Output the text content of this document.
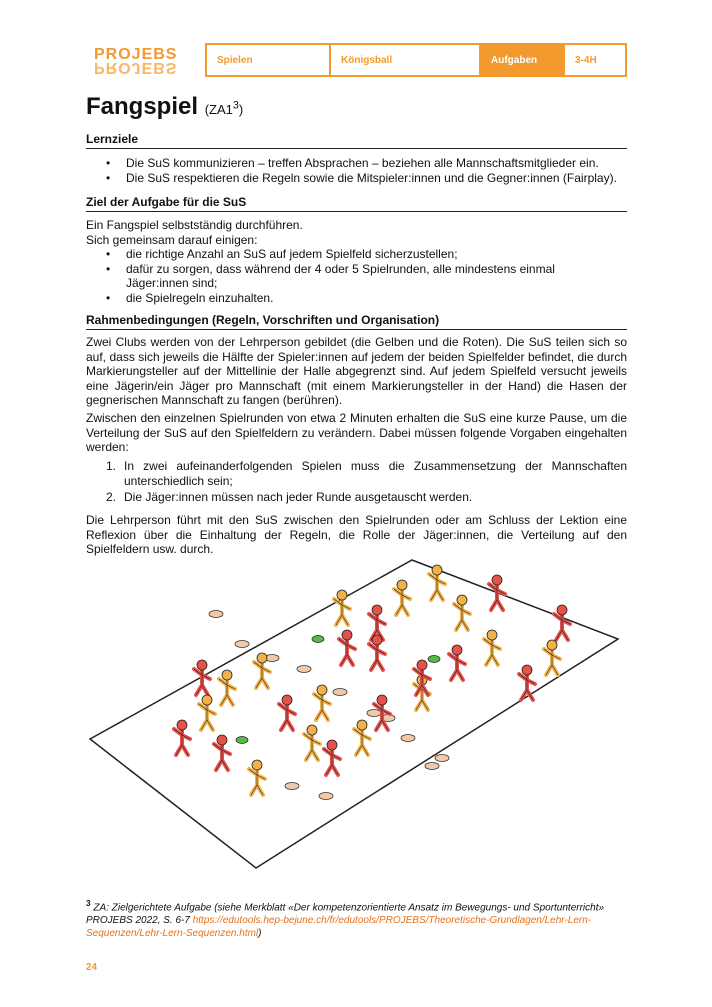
PROJEBS
PROJEBS	Spielen	Königsball	Aufgaben	3-4H
Fangspiel $(ZA1^3)$
Lernziele
• Die SuS kommunizieren – treffen Absprachen – beziehen alle Mannschaftsmitglieder ein.
• Die SuS respektieren die Regeln sowie die Mitspieler:innen und die Gegner:innen (Fairplay).
Ziel der Aufgabe für die SuS
Ein Fangspiel selbstständig durchführen.
Sich gemeinsam darauf einigen:
• die richtige Anzahl an SuS auf jedem Spielfeld sicherzustellen;
• dafür zu sorgen, dass während der 4 oder 5 Spielrunden, alle mindestens einmal Jäger:innen sind;
• die Spielregeln einzuhalten.
Rahmenbedingungen (Regeln, Vorschriften und Organisation)
Zwei Clubs werden von der Lehrperson gebildet (die Gelben und die Roten). Die SuS teilen sich so auf, dass sich jeweils die Hälfte der Spieler:innen auf jedem der beiden Spielfelder befindet, die durch Markierungsteller auf der Mittellinie der Halle abgegrenzt sind. Auf jedem Spielfeld versucht jeweils eine Jägerin/ein Jäger pro Mannschaft (mit einem Markierungsteller in der Hand) die Hasen der gegnerischen Mannschaft zu fangen (berühren).
Zwischen den einzelnen Spielrunden von etwa 2 Minuten erhalten die SuS eine kurze Pause, um die Verteilung der SuS auf den Spielfeldern zu verändern. Dabei müssen folgende Vorgaben eingehalten werden:
1. In zwei aufeinanderfolgenden Spielen muss die Zusammensetzung der Mannschaften unterschiedlich sein;
2. Die Jäger:innen müssen nach jeder Runde ausgetauscht werden.
Die Lehrperson führt mit den SuS zwischen den Spielrunden oder am Schluss der Lektion eine Reflexion über die Einhaltung der Regeln, die Rolle der Jäger:innen, die Verteilung auf den Spielfeldern usw. durch.
$^3$ ZA: Zielgerichtete Aufgabe (siehe Merkblatt «Der kompetenzorientierte Ansatz im Bewegungs- und Sportunterricht» PROJEBS 2022, S. 6-7 https://edutools.hep-bejune.ch/fr/edutools/PROJEBS/Theoretische-Grundlagen/Lehr-Lern-Sequenzen/Lehr-Lern-Sequenzen.html)
24
